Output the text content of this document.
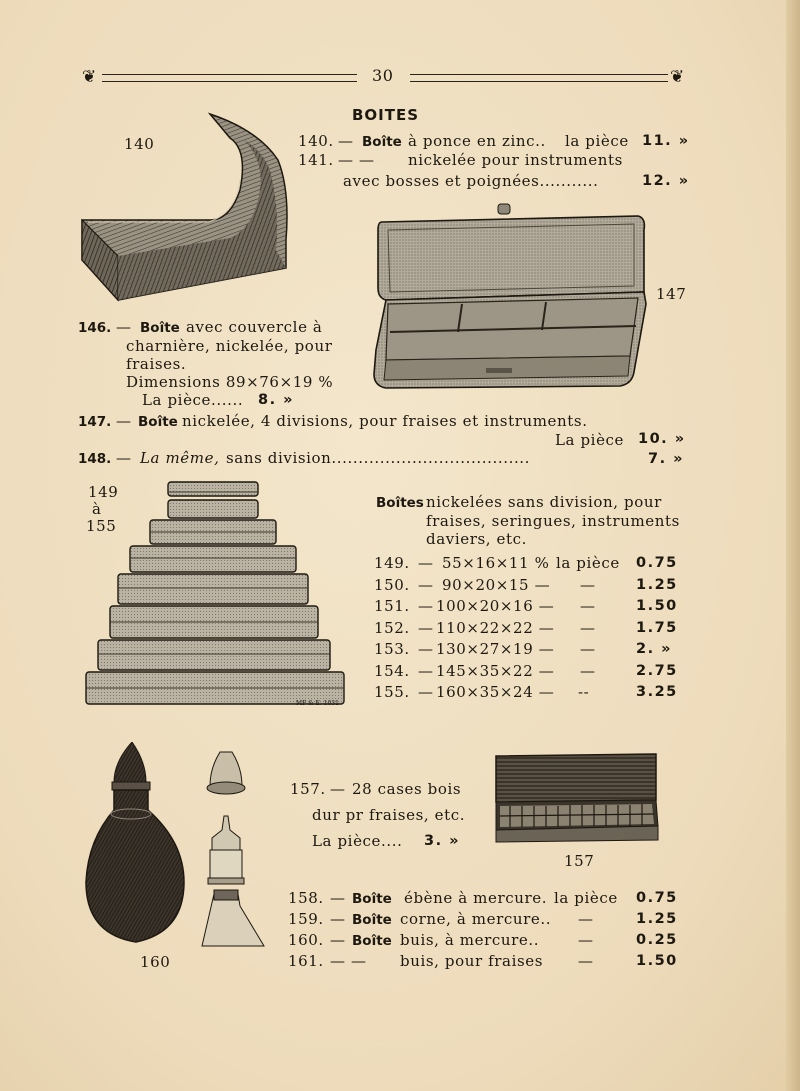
❦	30	❦
BOITES
140	140. — Boîte à ponce en zinc.. la pièce 11. »
141. — — nickelée pour instruments
avec bosses et poignées...........	12. »
147
146. — Boîte avec couvercle à
charnière, nickelée, pour
fraises.
Dimensions 89×76×19 %
La pièce...... 8. »
147. — Boîte nickelée, 4 divisions, pour fraises et instruments.
La pièce 10. »
148. — La même, sans division.....................................	7. »
149
à
155
MF & E. 1031
Boîtes nickelées sans division, pour
fraises, seringues, instruments
daviers, etc.
149. — 55×16×11 % la pièce 0.75
150. — 90×20×15 — —	1.25
151. — 100×20×16 — —	1.50
152. — 110×22×22 — —	1.75
153. — 130×27×19 — —	2. »
154. — 145×35×22 — —	2.75
155. — 160×35×24 — --	3.25
160
157
157. — 28 cases bois
dur pr fraises, etc.
La pièce.... 3. »
158. — Boîte ébène à mercure. la pièce 0.75
159. — Boîte corne, à mercure.. —	1.25
160. — Boîte buis, à mercure..	—	0.25
161. — — buis, pour fraises —	1.50
